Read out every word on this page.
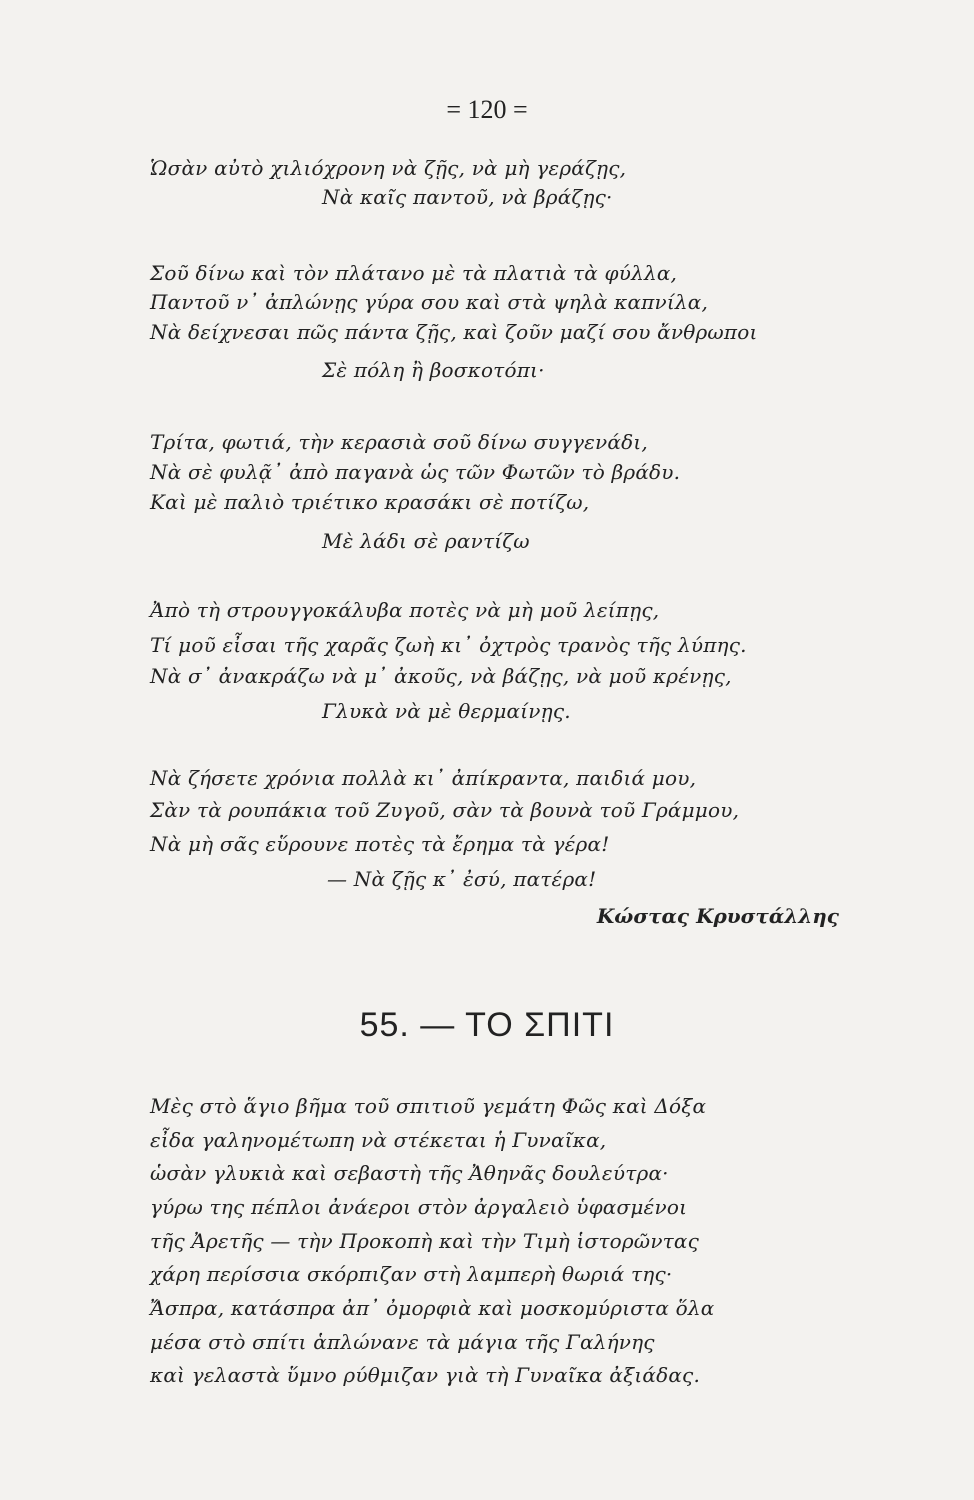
= 120 =
Ὡσὰν αὐτὸ χιλιόχρονη νὰ ζῇς, νὰ μὴ γεράζῃς,
Νὰ καῖς παντοῦ, νὰ βράζῃς·
Σοῦ δίνω καὶ τὸν πλάτανο μὲ τὰ πλατιὰ τὰ φύλλα,
Παντοῦ ν᾿ ἀπλώνῃς γύρα σου καὶ στὰ ψηλὰ καπνίλα,
Νὰ δείχνεσαι πῶς πάντα ζῇς, καὶ ζοῦν μαζί σου ἄνθρωποι
Σὲ πόλη ἢ βοσκοτόπι·
Τρίτα, φωτιά, τὴν κερασιὰ σοῦ δίνω συγγενάδι,
Νὰ σὲ φυλᾷ᾿ ἀπὸ παγανὰ ὡς τῶν Φωτῶν τὸ βράδυ.
Καὶ μὲ παλιὸ τριέτικο κρασάκι σὲ ποτίζω,
Μὲ λάδι σὲ ραντίζω
Ἀπὸ τὴ στρουγγοκάλυβα ποτὲς νὰ μὴ μοῦ λείπῃς,
Τί μοῦ εἶσαι τῆς χαρᾶς ζωὴ κι᾿ ὀχτρὸς τρανὸς τῆς λύπης.
Νὰ σ᾿ ἀνακράζω νὰ μ᾿ ἀκοῦς, νὰ βάζῃς, νὰ μοῦ κρένῃς,
Γλυκὰ νὰ μὲ θερμαίνῃς.
Νὰ ζήσετε χρόνια πολλὰ κι᾿ ἀπίκραντα, παιδιά μου,
Σὰν τὰ ρουπάκια τοῦ Ζυγοῦ, σὰν τὰ βουνὰ τοῦ Γράμμου,
Νὰ μὴ σᾶς εὕρουνε ποτὲς τὰ ἔρημα τὰ γέρα!
— Νὰ ζῇς κ᾿ ἐσύ, πατέρα!
Κώστας Κρυστάλλης
55. — ΤΟ ΣΠΙΤΙ
Μὲς στὸ ἅγιο βῆμα τοῦ σπιτιοῦ γεμάτη Φῶς καὶ Δόξα
εἶδα γαληνομέτωπη νὰ στέκεται ἡ Γυναῖκα,
ὡσὰν γλυκιὰ καὶ σεβαστὴ τῆς Ἀθηνᾶς δουλεύτρα·
γύρω της πέπλοι ἀνάεροι στὸν ἀργαλειὸ ὑφασμένοι
τῆς Ἀρετῆς — τὴν Προκοπὴ καὶ τὴν Τιμὴ ἱστορῶντας
χάρη περίσσια σκόρπιζαν στὴ λαμπερὴ θωριά της·
Ἄσπρα, κατάσπρα ἀπ᾿ ὀμορφιὰ καὶ μοσκομύριστα ὅλα
μέσα στὸ σπίτι ἁπλώνανε τὰ μάγια τῆς Γαλήνης
καὶ γελαστὰ ὕμνο ρύθμιζαν γιὰ τὴ Γυναῖκα ἀξιάδας.
